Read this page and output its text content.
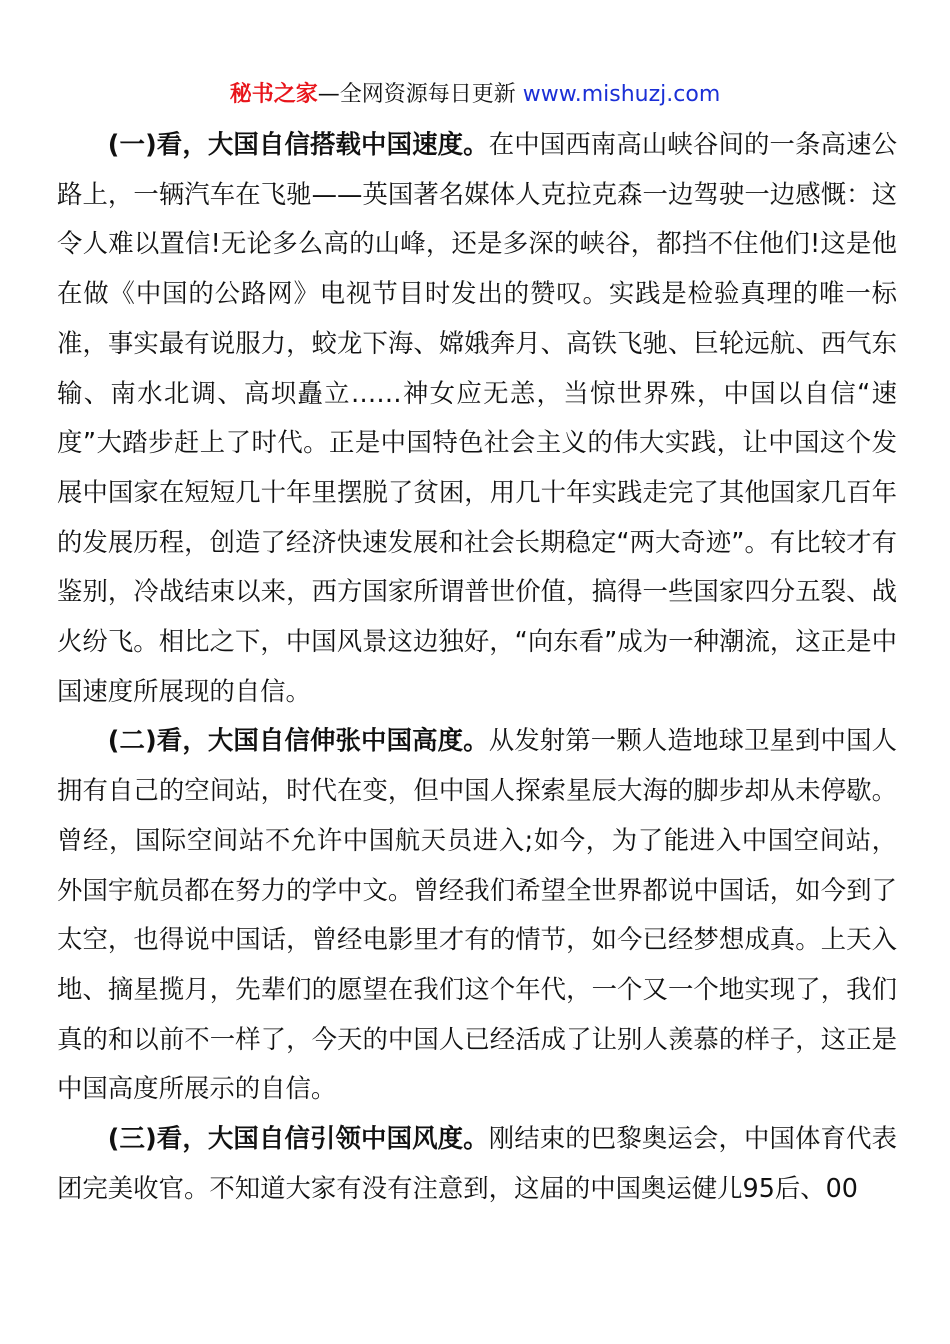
秘书之家—全网资源每日更新 www.mishuzj.com

(一)看，大国自信搭载中国速度。在中国西南高山峡谷间的一条高速公路上，一辆汽车在飞驰——英国著名媒体人克拉克森一边驾驶一边感慨：这令人难以置信!无论多么高的山峰，还是多深的峡谷，都挡不住他们!这是他在做《中国的公路网》电视节目时发出的赞叹。实践是检验真理的唯一标准，事实最有说服力，蛟龙下海、嫦娥奔月、高铁飞驰、巨轮远航、西气东输、南水北调、高坝矗立……神女应无恙，当惊世界殊，中国以自信“速度”大踏步赶上了时代。正是中国特色社会主义的伟大实践，让中国这个发展中国家在短短几十年里摆脱了贫困，用几十年实践走完了其他国家几百年的发展历程，创造了经济快速发展和社会长期稳定“两大奇迹”。有比较才有鉴别，冷战结束以来，西方国家所谓普世价值，搞得一些国家四分五裂、战火纷飞。相比之下，中国风景这边独好，“向东看”成为一种潮流，这正是中国速度所展现的自信。

(二)看，大国自信伸张中国高度。从发射第一颗人造地球卫星到中国人拥有自己的空间站，时代在变，但中国人探索星辰大海的脚步却从未停歇。曾经，国际空间站不允许中国航天员进入;如今，为了能进入中国空间站，外国宇航员都在努力的学中文。曾经我们希望全世界都说中国话，如今到了太空，也得说中国话，曾经电影里才有的情节，如今已经梦想成真。上天入地、摘星揽月，先辈们的愿望在我们这个年代，一个又一个地实现了，我们真的和以前不一样了，今天的中国人已经活成了让别人羡慕的样子，这正是中国高度所展示的自信。

(三)看，大国自信引领中国风度。刚结束的巴黎奥运会，中国体育代表团完美收官。不知道大家有没有注意到，这届的中国奥运健儿95后、00
